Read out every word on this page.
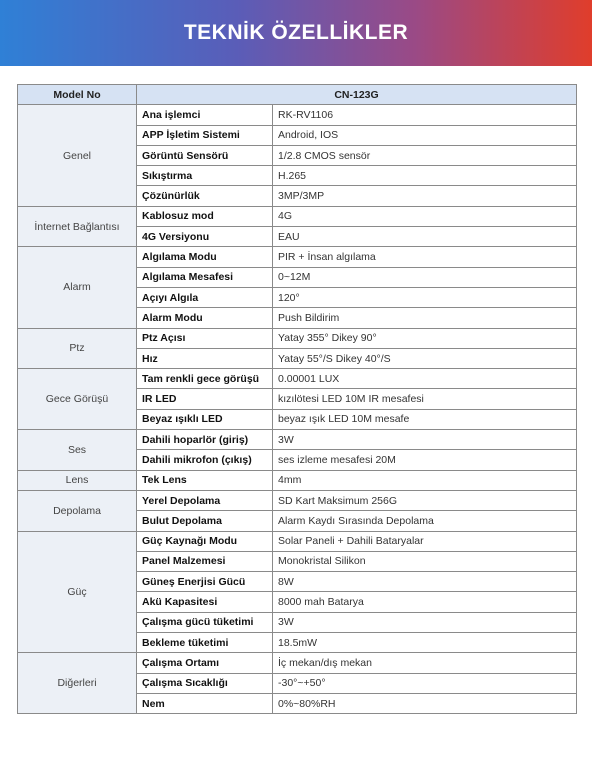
TEKNİK ÖZELLİKLER
Model No	CN-123G	
Genel	Ana işlemci	RK-RV1106
	APP İşletim Sistemi	Android, IOS
	Görüntü Sensörü	1/2.8 CMOS sensör
	Sıkıştırma	H.265
	Çözünürlük	3MP/3MP
İnternet Bağlantısı	Kablosuz mod	4G
	4G Versiyonu	EAU
Alarm	Algılama Modu	PIR + İnsan algılama
	Algılama Mesafesi	0~12M
	Açıyı Algıla	120°
	Alarm Modu	Push Bildirim
Ptz	Ptz Açısı	Yatay 355° Dikey 90°
	Hız	Yatay 55°/S Dikey 40°/S
Gece Görüşü	Tam renkli gece görüşü	0.00001 LUX
	IR LED	kızılötesi LED 10M IR mesafesi
	Beyaz ışıklı LED	beyaz ışık LED 10M mesafe
Ses	Dahili hoparlör (giriş)	3W
	Dahili mikrofon (çıkış)	ses izleme mesafesi 20M
Lens	Tek Lens	4mm
Depolama	Yerel Depolama	SD Kart Maksimum 256G
	Bulut Depolama	Alarm Kaydı Sırasında Depolama
Güç	Güç Kaynağı Modu	Solar Paneli + Dahili Bataryalar
	Panel Malzemesi	Monokristal Silikon
	Güneş Enerjisi Gücü	8W
	Akü Kapasitesi	8000 mah Batarya
	Çalışma gücü tüketimi	3W
	Bekleme tüketimi	18.5mW
Diğerleri	Çalışma Ortamı	İç mekan/dış mekan
	Çalışma Sıcaklığı	-30°~+50°
	Nem	0%~80%RH
